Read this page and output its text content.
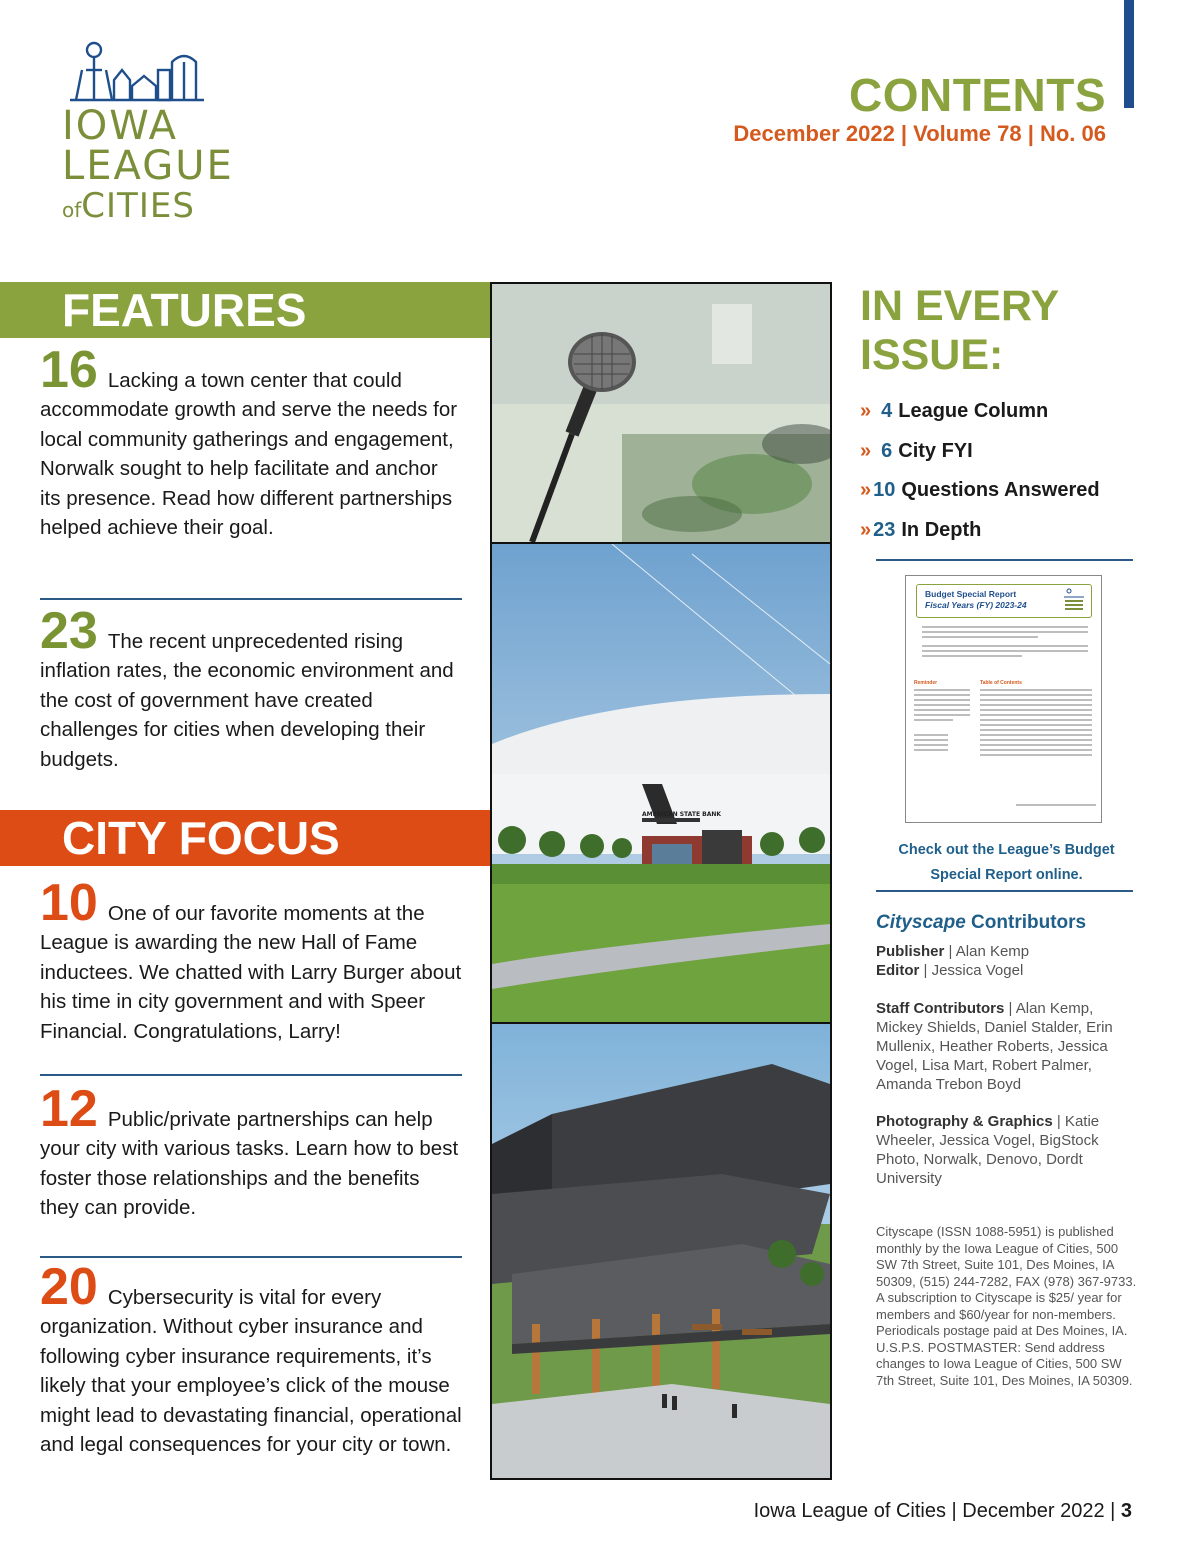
IOWA
LEAGUE
ofCITIES
CONTENTS
December 2022 | Volume 78 | No. 06
FEATURES
16 Lacking a town center that could accommodate growth and serve the needs for local community gatherings and engagement, Norwalk sought to help facilitate and anchor its presence. Read how different partnerships helped achieve their goal.
23 The recent unprecedented rising inflation rates, the economic environment and the cost of government have created challenges for cities when developing their budgets.
CITY FOCUS
10 One of our favorite moments at the League is awarding the new Hall of Fame inductees. We chatted with Larry Burger about his time in city government and with Speer Financial. Congratulations, Larry!
12 Public/private partnerships can help your city with various tasks. Learn how to best foster those relationships and the benefits they can provide.
20 Cybersecurity is vital for every organization. Without cyber insurance and following cyber insurance requirements, it’s likely that your employee’s click of the mouse might lead to devastating financial, operational and legal consequences for your city or town.
AMERICAN STATE BANK
IN EVERY
ISSUE:
» 4 League Column
» 6 City FYI
» 10 Questions Answered
» 23 In Depth
Budget Special Report
Fiscal Years (FY) 2023-24
Reminder	Table of Contents
Check out the League’s Budget Special Report online.
Cityscape Contributors
Publisher | Alan Kemp
Editor | Jessica Vogel
Staff Contributors | Alan Kemp, Mickey Shields, Daniel Stalder, Erin Mullenix, Heather Roberts, Jessica Vogel, Lisa Mart, Robert Palmer, Amanda Trebon Boyd
Photography & Graphics | Katie Wheeler, Jessica Vogel, BigStock Photo, Norwalk, Denovo, Dordt University
Cityscape (ISSN 1088-5951) is published monthly by the Iowa League of Cities, 500 SW 7th Street, Suite 101, Des Moines, IA 50309, (515) 244-7282, FAX (978) 367-9733. A subscription to Cityscape is $25/ year for members and $60/year for non-members. Periodicals postage paid at Des Moines, IA. U.S.P.S. POSTMASTER: Send address changes to Iowa League of Cities, 500 SW 7th Street, Suite 101, Des Moines, IA 50309.
Iowa League of Cities | December 2022 | 3
